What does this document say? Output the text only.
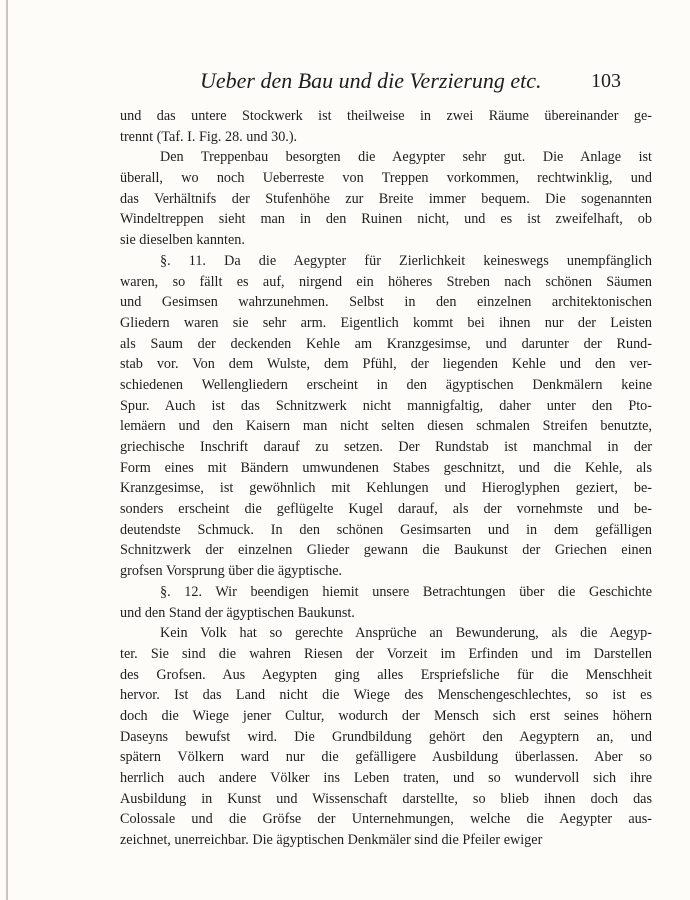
Ueber den Bau und die Verzierung etc. 103
und das untere Stockwerk ist theilweise in zwei Räume übereinander ge-
trennt (Taf. I. Fig. 28. und 30.).
Den Treppenbau besorgten die Aegypter sehr gut. Die Anlage ist
überall, wo noch Ueberreste von Treppen vorkommen, rechtwinklig, und
das Verhältnifs der Stufenhöhe zur Breite immer bequem. Die sogenannten
Windeltreppen sieht man in den Ruinen nicht, und es ist zweifelhaft, ob
sie dieselben kannten.
§. 11. Da die Aegypter für Zierlichkeit keineswegs unempfänglich
waren, so fällt es auf, nirgend ein höheres Streben nach schönen Säumen
und Gesimsen wahrzunehmen. Selbst in den einzelnen architektonischen
Gliedern waren sie sehr arm. Eigentlich kommt bei ihnen nur der Leisten
als Saum der deckenden Kehle am Kranzgesimse, und darunter der Rund-
stab vor. Von dem Wulste, dem Pfühl, der liegenden Kehle und den ver-
schiedenen Wellengliedern erscheint in den ägyptischen Denkmälern keine
Spur. Auch ist das Schnitzwerk nicht mannigfaltig, daher unter den Pto-
lemäern und den Kaisern man nicht selten diesen schmalen Streifen benutzte,
griechische Inschrift darauf zu setzen. Der Rundstab ist manchmal in der
Form eines mit Bändern umwundenen Stabes geschnitzt, und die Kehle, als
Kranzgesimse, ist gewöhnlich mit Kehlungen und Hieroglyphen geziert, be-
sonders erscheint die geflügelte Kugel darauf, als der vornehmste und be-
deutendste Schmuck. In den schönen Gesimsarten und in dem gefälligen
Schnitzwerk der einzelnen Glieder gewann die Baukunst der Griechen einen
grofsen Vorsprung über die ägyptische.
§. 12. Wir beendigen hiemit unsere Betrachtungen über die Geschichte
und den Stand der ägyptischen Baukunst.
Kein Volk hat so gerechte Ansprüche an Bewunderung, als die Aegyp-
ter. Sie sind die wahren Riesen der Vorzeit im Erfinden und im Darstellen
des Grofsen. Aus Aegypten ging alles Erspriefsliche für die Menschheit
hervor. Ist das Land nicht die Wiege des Menschengeschlechtes, so ist es
doch die Wiege jener Cultur, wodurch der Mensch sich erst seines höhern
Daseyns bewufst wird. Die Grundbildung gehört den Aegyptern an, und
spätern Völkern ward nur die gefälligere Ausbildung überlassen. Aber so
herrlich auch andere Völker ins Leben traten, und so wundervoll sich ihre
Ausbildung in Kunst und Wissenschaft darstellte, so blieb ihnen doch das
Colossale und die Gröfse der Unternehmungen, welche die Aegypter aus-
zeichnet, unerreichbar. Die ägyptischen Denkmäler sind die Pfeiler ewiger
